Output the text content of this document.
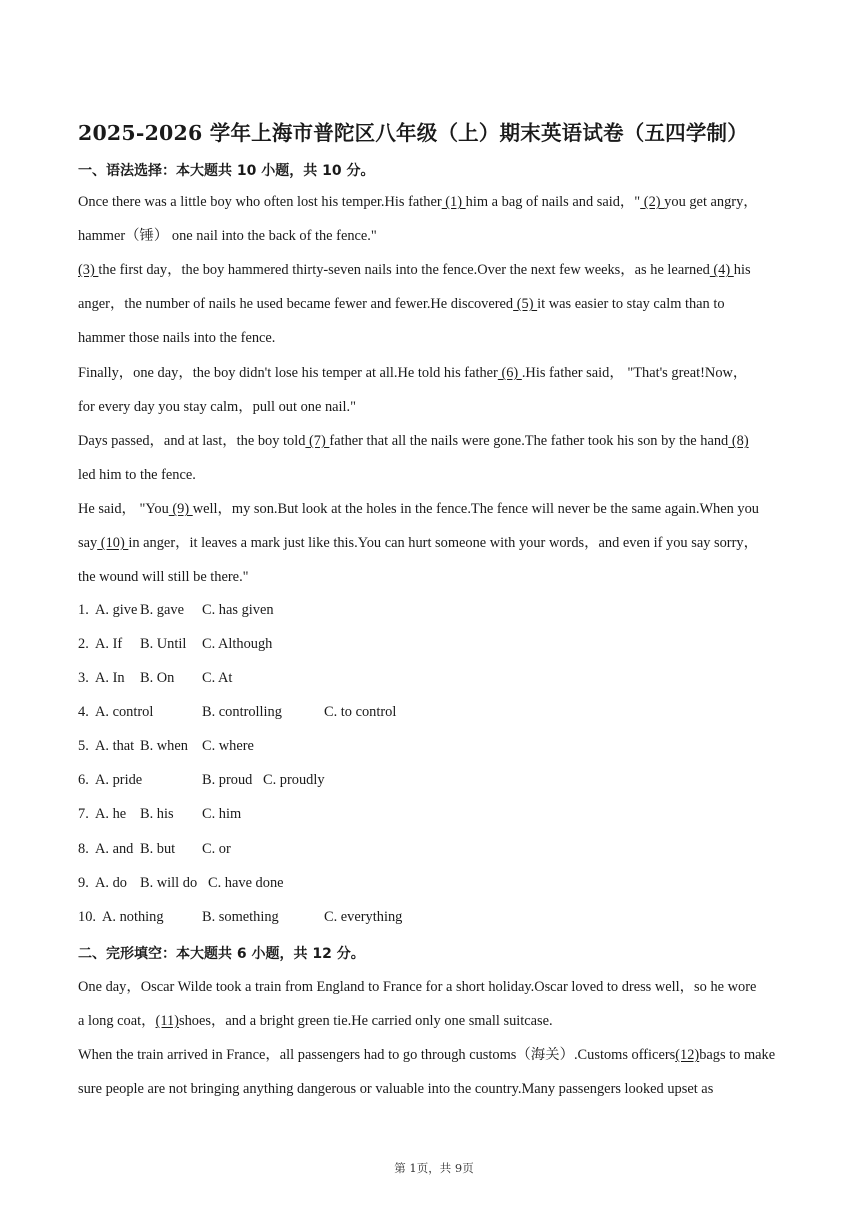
2025-2026 学年上海市普陀区八年级（上）期末英语试卷（五四学制）
一、语法选择：本大题共 10 小题，共 10 分。
Once there was a little boy who often lost his temper.His father (1) him a bag of nails and said，" (2) you get angry，
hammer（锤） one nail into the back of the fence."
(3) the first day，the boy hammered thirty-seven nails into the fence.Over the next few weeks，as he learned (4) his
anger，the number of nails he used became fewer and fewer.He discovered (5) it was easier to stay calm than to
hammer those nails into the fence.
Finally，one day，the boy didn't lose his temper at all.He told his father (6) .His father said， "That's great!Now，
for every day you stay calm，pull out one nail."
Days passed，and at last，the boy told (7) father that all the nails were gone.The father took his son by the hand (8)
led him to the fence.
He said， "You (9) well，my son.But look at the holes in the fence.The fence will never be the same again.When you
say (10) in anger，it leaves a mark just like this.You can hurt someone with your words，and even if you say sorry，
the wound will still be there."
1. A. give B. gave C. has given
2. A. If B. Until C. Although
3. A. In B. On C. At
4. A. control	B. controlling	C. to control
5. A. that B. when C. where
6. A. pride	B. proud C. proudly
7. A. he B. his C. him
8. A. and B. but C. or
9. A. do B. will do C. have done
10. A. nothing	B. something	C. everything
二、完形填空：本大题共 6 小题，共 12 分。
One day，Oscar Wilde took a train from England to France for a short holiday.Oscar loved to dress well，so he wore
a long coat，(11)shoes，and a bright green tie.He carried only one small suitcase.
When the train arrived in France，all passengers had to go through customs（海关）.Customs officers(12)bags to make
sure people are not bringing anything dangerous or valuable into the country.Many passengers looked upset as
第 1页，共 9页
